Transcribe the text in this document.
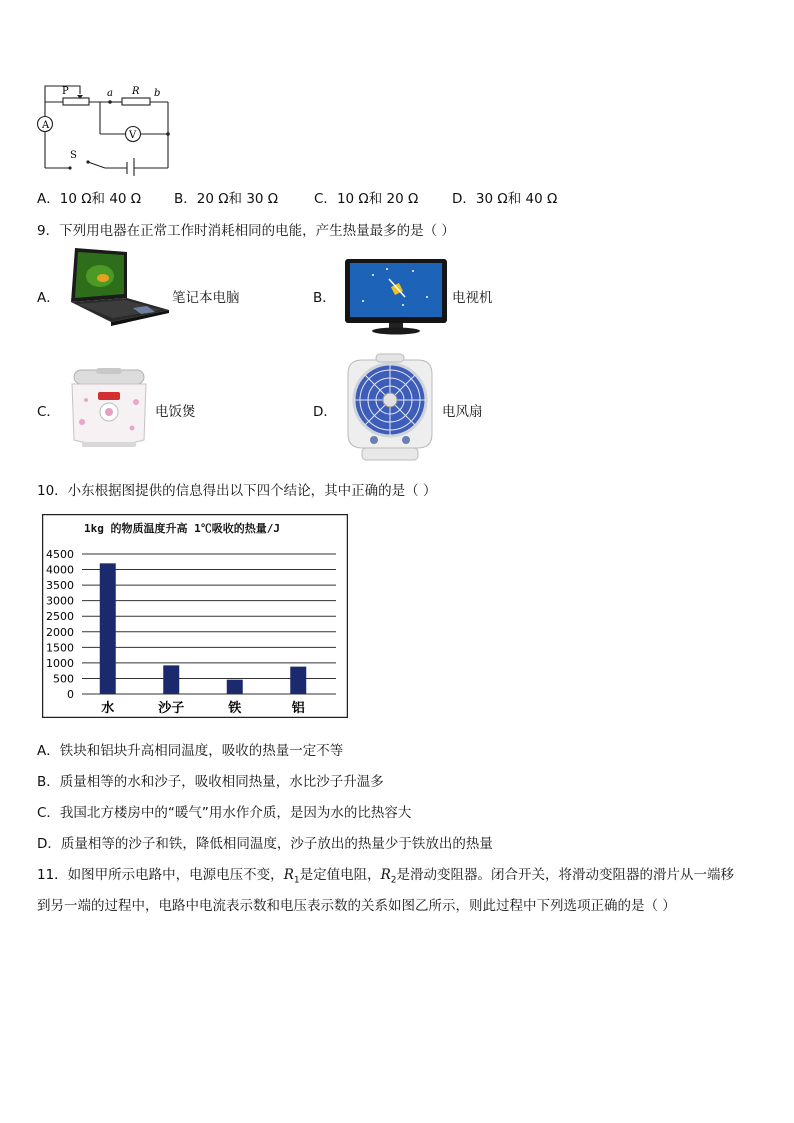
A
V
P	a R b
S
A．10 Ω和 40 Ω B．20 Ω和 30 Ω	C．10 Ω和 20 Ω D．30 Ω和 40 Ω
9．下列用电器在正常工作时消耗相同的电能，产生热量最多的是（ ）
A．	笔记本电脑	B．	电视机
C．	电饭煲	D．	电风扇
10．小东根据图提供的信息得出以下四个结论，其中正确的是（ ）
1kg 的物质温度升高 1℃吸收的热量/J
0
500
1000
1500
2000
2500
3000
3500
4000
4500
水	沙子	铁	铝
A．铁块和铝块升高相同温度，吸收的热量一定不等
B．质量相等的水和沙子，吸收相同热量，水比沙子升温多
C．我国北方楼房中的“暖气”用水作介质，是因为水的比热容大
D．质量相等的沙子和铁，降低相同温度，沙子放出的热量少于铁放出的热量
11．如图甲所示电路中，电源电压不变，$R_1$是定值电阻，$R_2$是滑动变阻器。闭合开关，将滑动变阻器的滑片从一端移
到另一端的过程中，电路中电流表示数和电压表示数的关系如图乙所示，则此过程中下列选项正确的是（ ）
